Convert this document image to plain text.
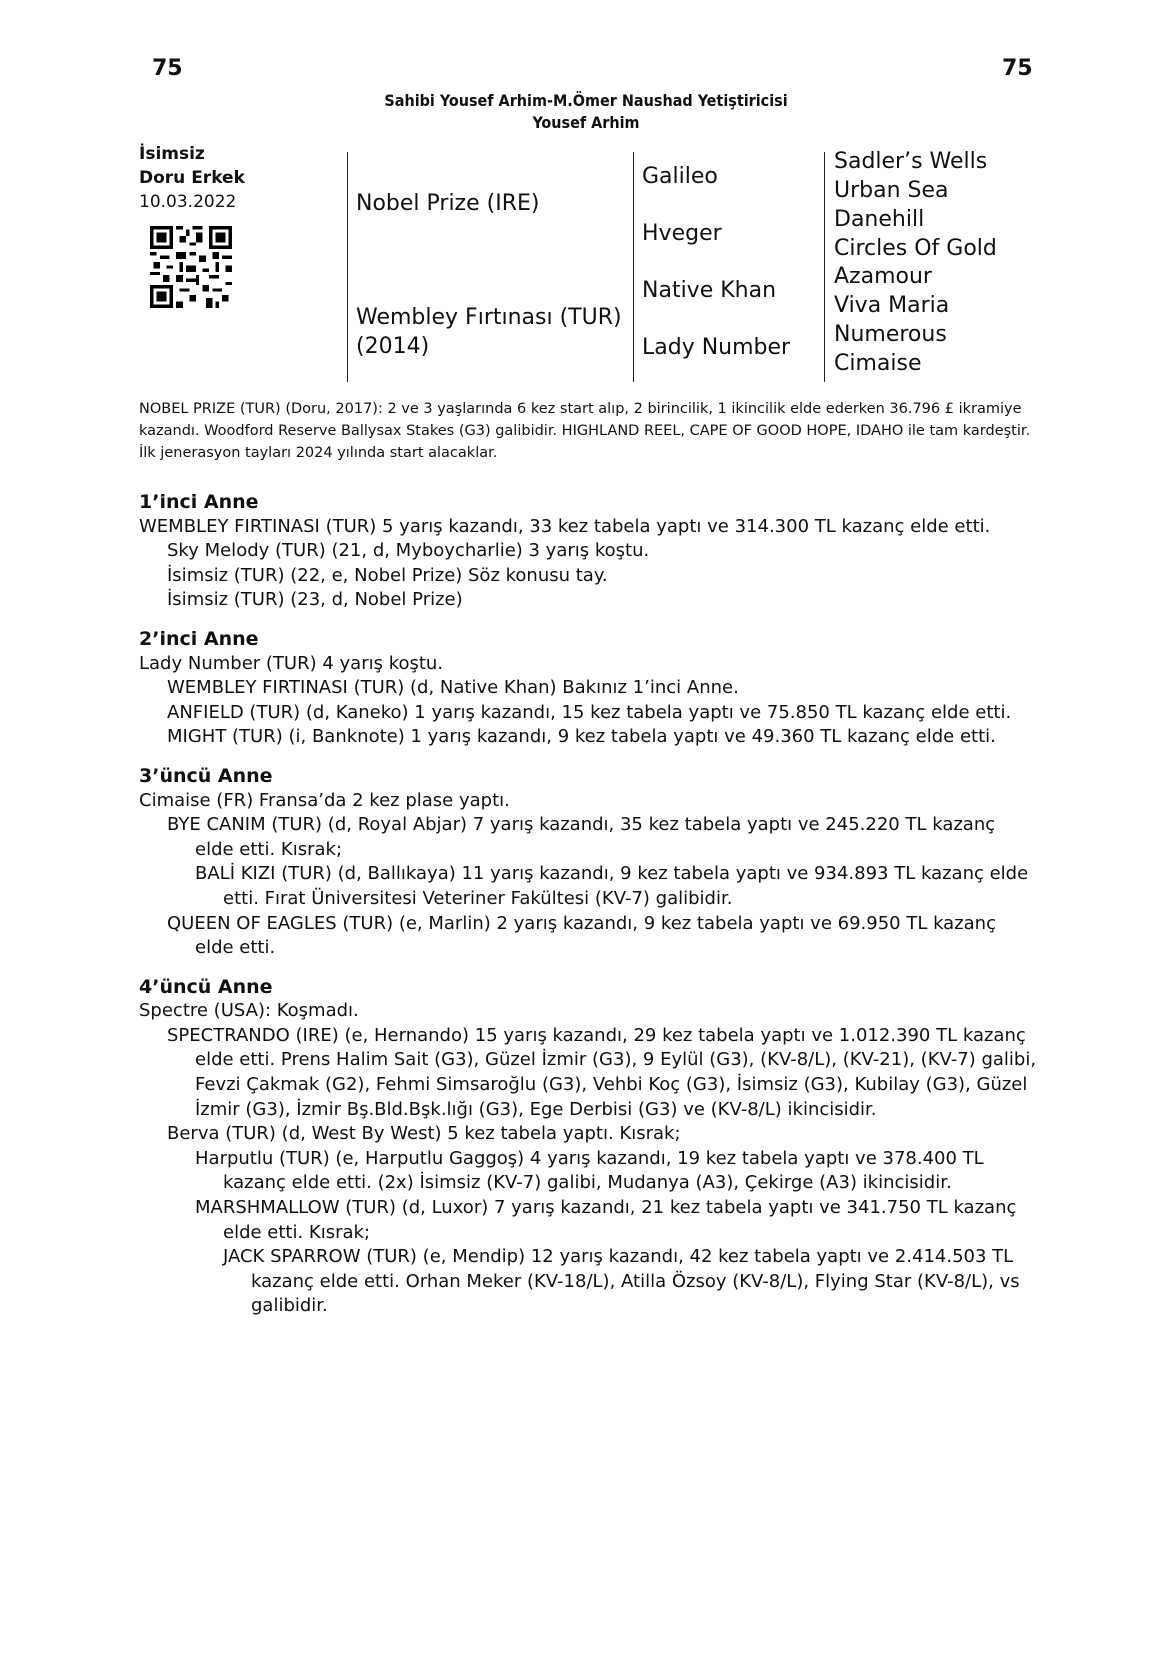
75	75
Sahibi Yousef Arhim-M.Ömer Naushad Yetiştiricisi
Yousef Arhim
İsimsiz
Doru Erkek
10.03.2022	Nobel Prize (IRE)
Wembley Fırtınası (TUR)
(2014)
Galileo
Hveger
Native Khan
Lady Number
Sadler’s Wells
Urban Sea
Danehill
Circles Of Gold
Azamour
Viva Maria
Numerous
Cimaise
NOBEL PRIZE (TUR) (Doru, 2017): 2 ve 3 yaşlarında 6 kez start alıp, 2 birincilik, 1 ikincilik elde ederken 36.796 £ ikramiye kazandı. Woodford Reserve Ballysax Stakes (G3) galibidir. HIGHLAND REEL, CAPE OF GOOD HOPE, IDAHO ile tam kardeştir. İlk jenerasyon tayları 2024 yılında start alacaklar.

1’inci Anne

WEMBLEY FIRTINASI (TUR) 5 yarış kazandı, 33 kez tabela yaptı ve 314.300 TL kazanç elde etti.

Sky Melody (TUR) (21, d, Myboycharlie) 3 yarış koştu.

İsimsiz (TUR) (22, e, Nobel Prize) Söz konusu tay.

İsimsiz (TUR) (23, d, Nobel Prize)

2’inci Anne

Lady Number (TUR) 4 yarış koştu.

WEMBLEY FIRTINASI (TUR) (d, Native Khan) Bakınız 1’inci Anne.

ANFIELD (TUR) (d, Kaneko) 1 yarış kazandı, 15 kez tabela yaptı ve 75.850 TL kazanç elde etti.

MIGHT (TUR) (i, Banknote) 1 yarış kazandı, 9 kez tabela yaptı ve 49.360 TL kazanç elde etti.

3’üncü Anne

Cimaise (FR) Fransa’da 2 kez plase yaptı.

BYE CANIM (TUR) (d, Royal Abjar) 7 yarış kazandı, 35 kez tabela yaptı ve 245.220 TL kazanç elde etti. Kısrak;

BALİ KIZI (TUR) (d, Ballıkaya) 11 yarış kazandı, 9 kez tabela yaptı ve 934.893 TL kazanç elde etti. Fırat Üniversitesi Veteriner Fakültesi (KV-7) galibidir.

QUEEN OF EAGLES (TUR) (e, Marlin) 2 yarış kazandı, 9 kez tabela yaptı ve 69.950 TL kazanç elde etti.

4’üncü Anne

Spectre (USA): Koşmadı.

SPECTRANDO (IRE) (e, Hernando) 15 yarış kazandı, 29 kez tabela yaptı ve 1.012.390 TL kazanç elde etti. Prens Halim Sait (G3), Güzel İzmir (G3), 9 Eylül (G3), (KV-8/L), (KV-21), (KV-7) galibi, Fevzi Çakmak (G2), Fehmi Simsaroğlu (G3), Vehbi Koç (G3), İsimsiz (G3), Kubilay (G3), Güzel İzmir (G3), İzmir Bş.Bld.Bşk.lığı (G3), Ege Derbisi (G3) ve (KV-8/L) ikincisidir.

Berva (TUR) (d, West By West) 5 kez tabela yaptı. Kısrak;

Harputlu (TUR) (e, Harputlu Gaggoş) 4 yarış kazandı, 19 kez tabela yaptı ve 378.400 TL kazanç elde etti. (2x) İsimsiz (KV-7) galibi, Mudanya (A3), Çekirge (A3) ikincisidir.

MARSHMALLOW (TUR) (d, Luxor) 7 yarış kazandı, 21 kez tabela yaptı ve 341.750 TL kazanç elde etti. Kısrak;

JACK SPARROW (TUR) (e, Mendip) 12 yarış kazandı, 42 kez tabela yaptı ve 2.414.503 TL kazanç elde etti. Orhan Meker (KV-18/L), Atilla Özsoy (KV-8/L), Flying Star (KV-8/L), vs galibidir.
